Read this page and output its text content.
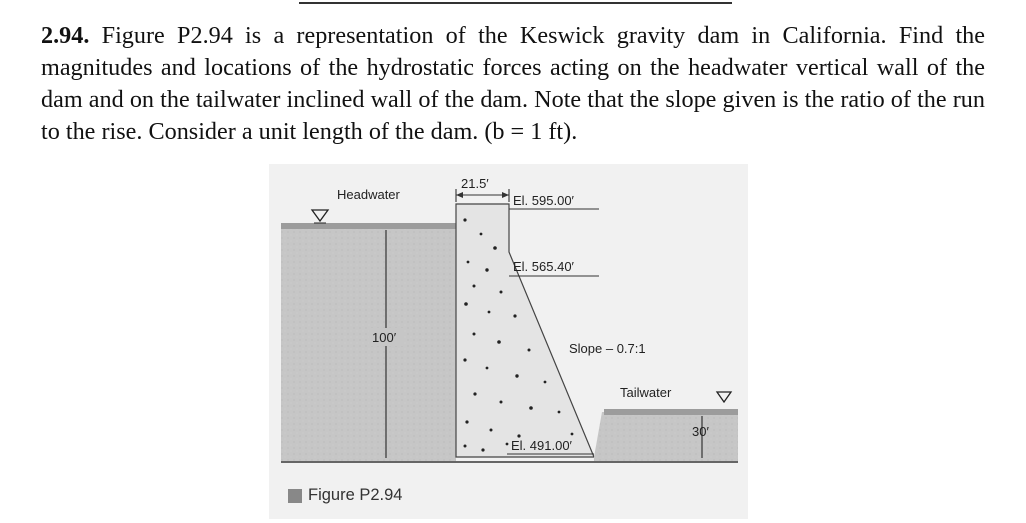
2.94. Figure P2.94 is a representation of the Keswick gravity dam in California. Find the magnitudes and locations of the hydrostatic forces acting on the headwater vertical wall of the dam and on the tailwater inclined wall of the dam. Note that the slope given is the ratio of the run to the rise. Consider a unit length of the dam. (b = 1 ft).

Headwater
100′
21.5′
El. 595.00′
El. 565.40′
Slope – 0.7:1
Tailwater
30′
El. 491.00′
Figure P2.94
